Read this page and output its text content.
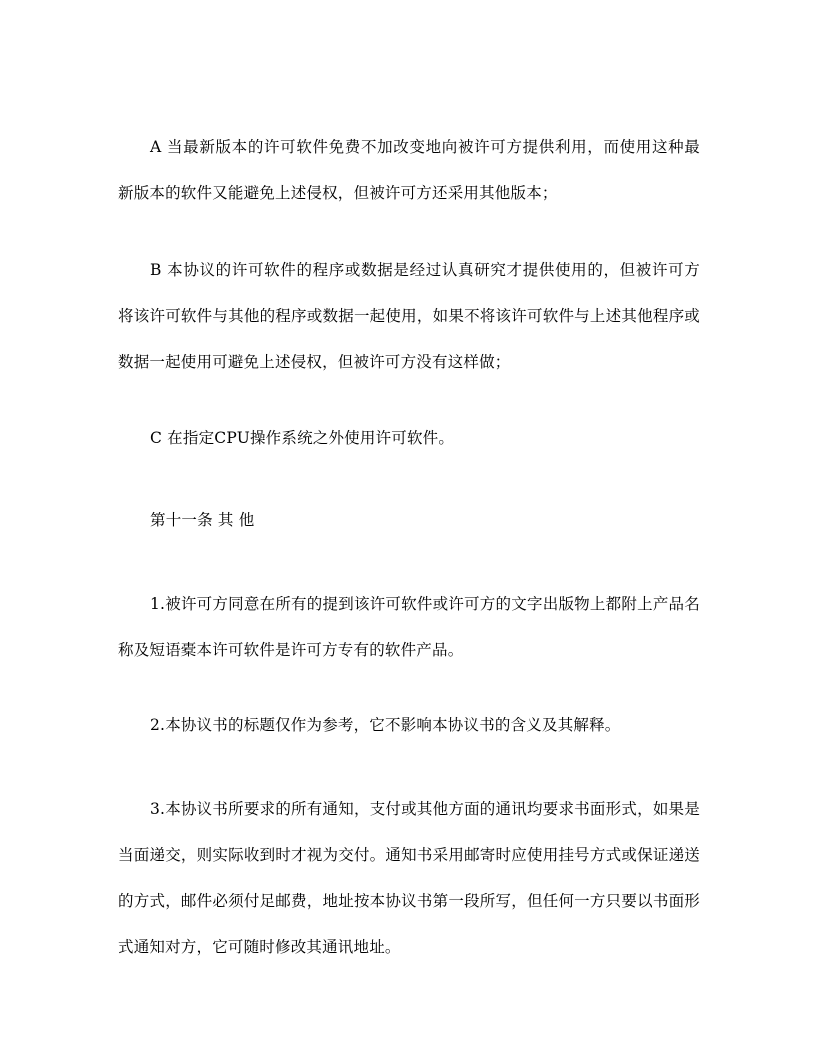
A 当最新版本的许可软件免费不加改变地向被许可方提供利用，而使用这种最新版本的软件又能避免上述侵权，但被许可方还采用其他版本；

B 本协议的许可软件的程序或数据是经过认真研究才提供使用的，但被许可方将该许可软件与其他的程序或数据一起使用，如果不将该许可软件与上述其他程序或数据一起使用可避免上述侵权，但被许可方没有这样做；

C 在指定CPU操作系统之外使用许可软件。

第十一条 其 他

1.被许可方同意在所有的提到该许可软件或许可方的文字出版物上都附上产品名称及短语橐本许可软件是许可方专有的软件产品。

2.本协议书的标题仅作为参考，它不影响本协议书的含义及其解释。

3.本协议书所要求的所有通知，支付或其他方面的通讯均要求书面形式，如果是当面递交，则实际收到时才视为交付。通知书采用邮寄时应使用挂号方式或保证递送的方式，邮件必须付足邮费，地址按本协议书第一段所写，但任何一方只要以书面形式通知对方，它可随时修改其通讯地址。
